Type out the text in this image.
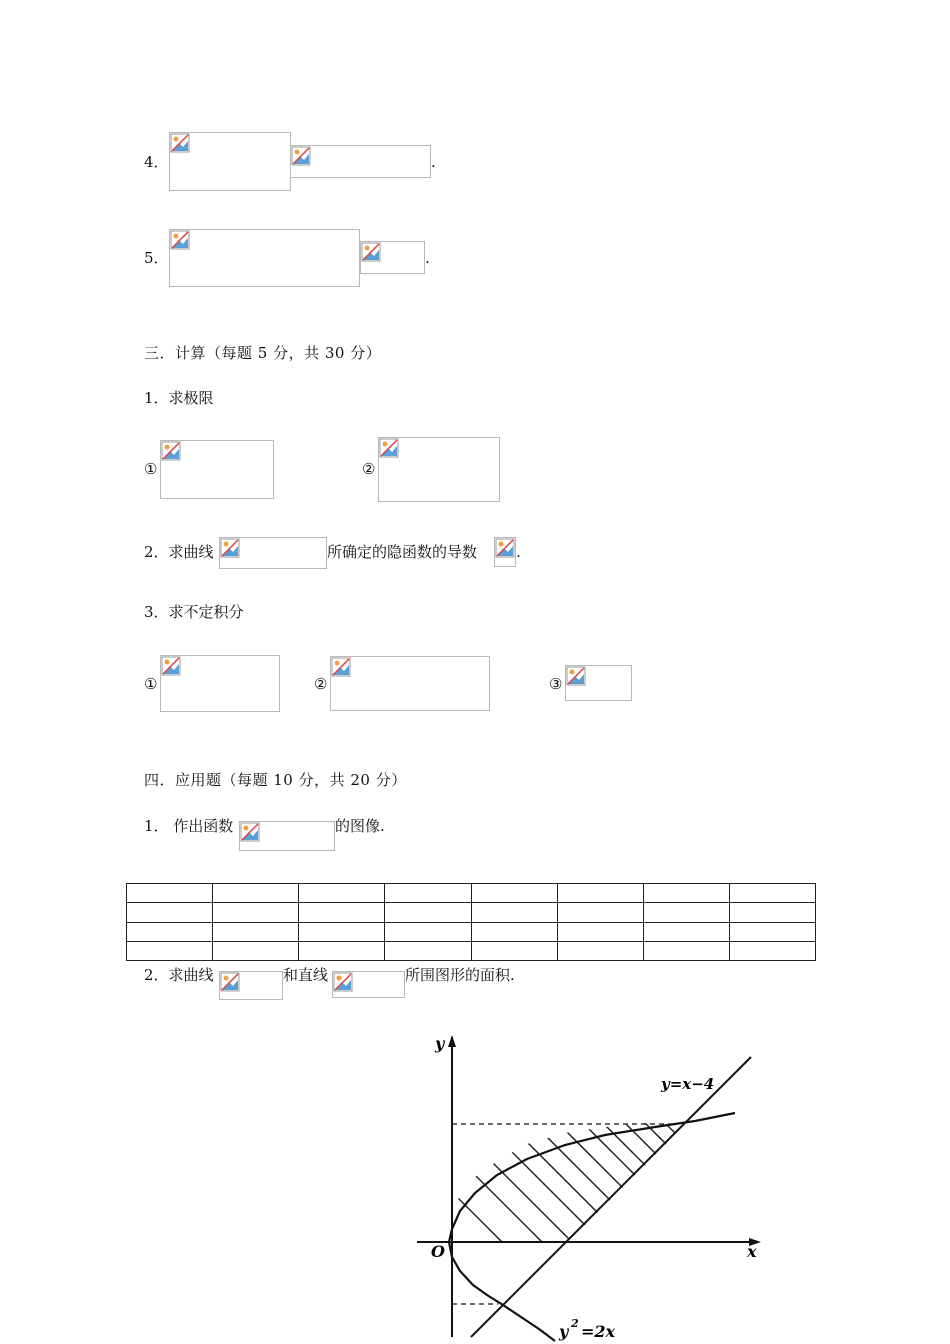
4．	.
5．	.
三．计算（每题 5 分，共 30 分）
1．求极限
①	②
2．求曲线	所确定的隐函数的导数	.
3．求不定积分
①	②	③
四．应用题（每题 10 分，共 20 分）
1． 作出函数	的图像.

2．求曲线	和直线	所围图形的面积.
y
x
O
y=x−4
y 2 =2x
